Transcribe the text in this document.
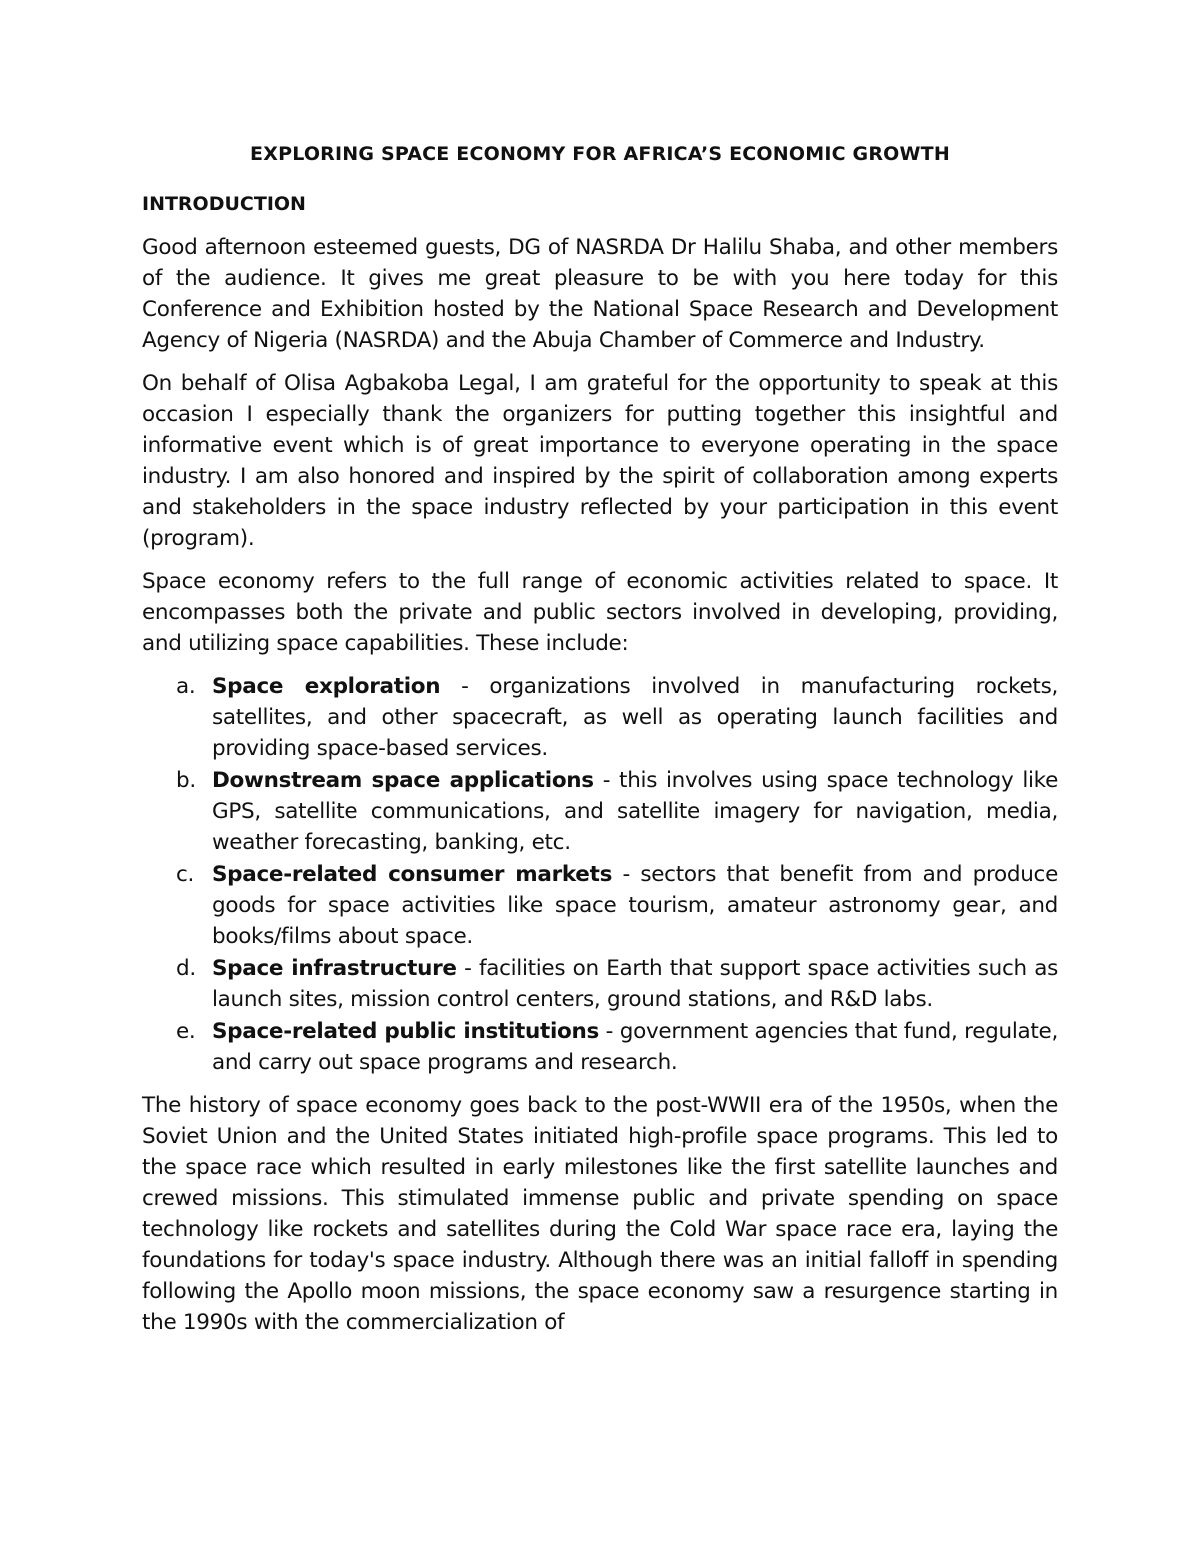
EXPLORING SPACE ECONOMY FOR AFRICA’S ECONOMIC GROWTH
INTRODUCTION

Good afternoon esteemed guests, DG of NASRDA Dr Halilu Shaba, and other members of the audience. It gives me great pleasure to be with you here today for this Conference and Exhibition hosted by the National Space Research and Development Agency of Nigeria (NASRDA) and the Abuja Chamber of Commerce and Industry.

On behalf of Olisa Agbakoba Legal, I am grateful for the opportunity to speak at this occasion I especially thank the organizers for putting together this insightful and informative event which is of great importance to everyone operating in the space industry. I am also honored and inspired by the spirit of collaboration among experts and stakeholders in the space industry reflected by your participation in this event (program).

Space economy refers to the full range of economic activities related to space. It encompasses both the private and public sectors involved in developing, providing, and utilizing space capabilities. These include:

a. Space exploration - organizations involved in manufacturing rockets, satellites, and other spacecraft, as well as operating launch facilities and providing space-based services.
b. Downstream space applications - this involves using space technology like GPS, satellite communications, and satellite imagery for navigation, media, weather forecasting, banking, etc.
c. Space-related consumer markets - sectors that benefit from and produce goods for space activities like space tourism, amateur astronomy gear, and books/films about space.
d. Space infrastructure - facilities on Earth that support space activities such as launch sites, mission control centers, ground stations, and R&D labs.
e. Space-related public institutions - government agencies that fund, regulate, and carry out space programs and research.

The history of space economy goes back to the post-WWII era of the 1950s, when the Soviet Union and the United States initiated high-profile space programs. This led to the space race which resulted in early milestones like the first satellite launches and crewed missions. This stimulated immense public and private spending on space technology like rockets and satellites during the Cold War space race era, laying the foundations for today's space industry. Although there was an initial falloff in spending following the Apollo moon missions, the space economy saw a resurgence starting in the 1990s with the commercialization of
